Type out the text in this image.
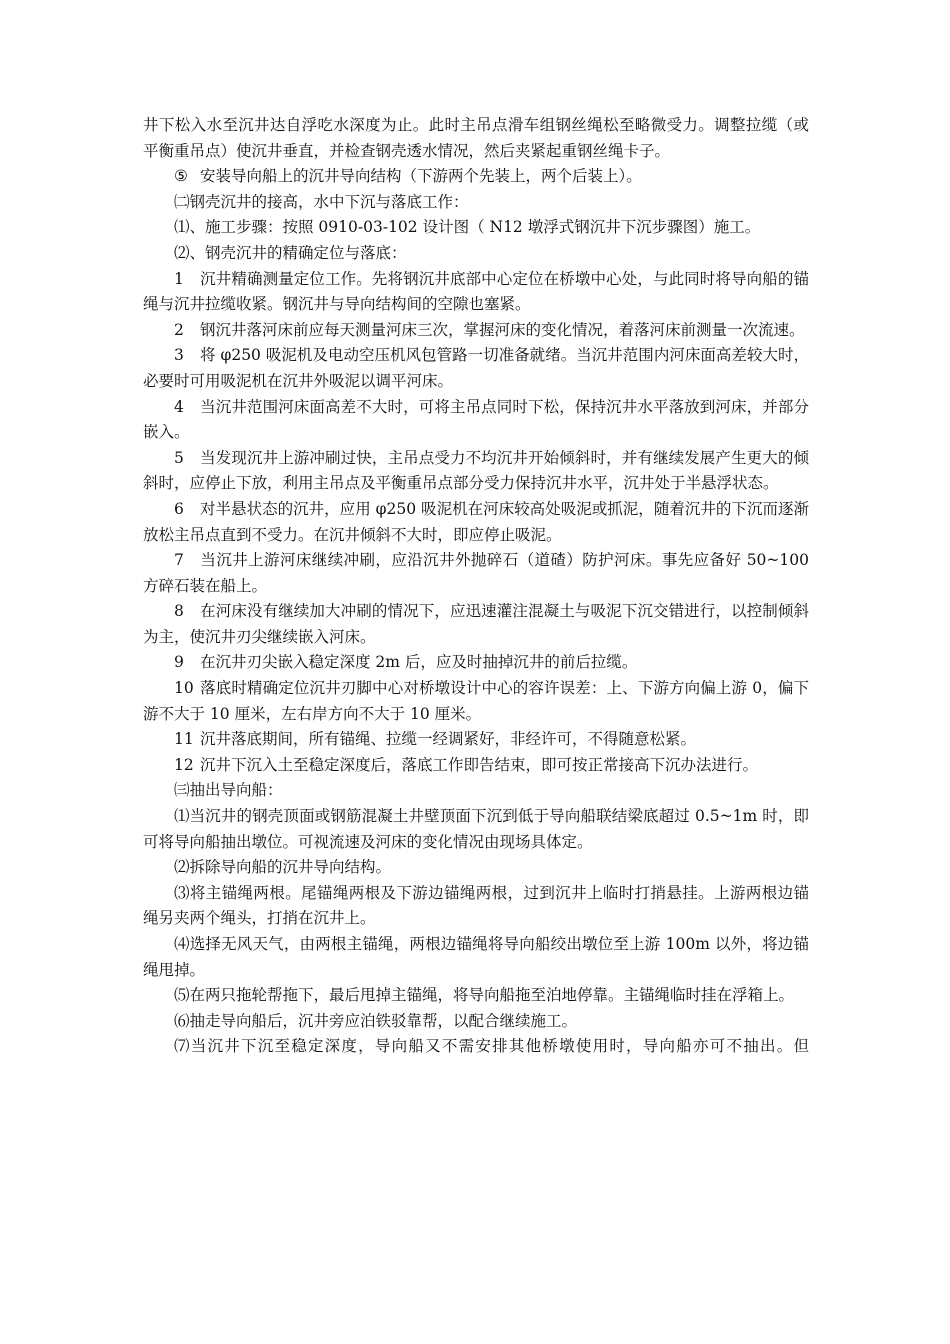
井下松入水至沉井达自浮吃水深度为止。此时主吊点滑车组钢丝绳松至略微受力。调整拉缆（或平衡重吊点）使沉井垂直，并检查钢壳透水情况，然后夹紧起重钢丝绳卡子。

⑤ 安装导向船上的沉井导向结构（下游两个先装上，两个后装上）。

㈡钢壳沉井的接高，水中下沉与落底工作：

⑴、施工步骤：按照 0910-03-102 设计图（ N12 墩浮式钢沉井下沉步骤图）施工。

⑵、钢壳沉井的精确定位与落底：

1 沉井精确测量定位工作。先将钢沉井底部中心定位在桥墩中心处，与此同时将导向船的锚绳与沉井拉缆收紧。钢沉井与导向结构间的空隙也塞紧。

2 钢沉井落河床前应每天测量河床三次，掌握河床的变化情况，着落河床前测量一次流速。

3 将 φ250 吸泥机及电动空压机风包管路一切准备就绪。当沉井范围内河床面高差较大时，必要时可用吸泥机在沉井外吸泥以调平河床。

4 当沉井范围河床面高差不大时，可将主吊点同时下松，保持沉井水平落放到河床，并部分嵌入。

5 当发现沉井上游冲刷过快，主吊点受力不均沉井开始倾斜时，并有继续发展产生更大的倾斜时，应停止下放，利用主吊点及平衡重吊点部分受力保持沉井水平，沉井处于半悬浮状态。

6 对半悬状态的沉井，应用 φ250 吸泥机在河床较高处吸泥或抓泥，随着沉井的下沉而逐渐放松主吊点直到不受力。在沉井倾斜不大时，即应停止吸泥。

7 当沉井上游河床继续冲刷，应沿沉井外抛碎石（道碴）防护河床。事先应备好 50~100 方碎石装在船上。

8 在河床没有继续加大冲刷的情况下，应迅速灌注混凝土与吸泥下沉交错进行，以控制倾斜为主，使沉井刃尖继续嵌入河床。

9 在沉井刃尖嵌入稳定深度 2m 后，应及时抽掉沉井的前后拉缆。

10 落底时精确定位沉井刃脚中心对桥墩设计中心的容许误差：上、下游方向偏上游 0，偏下游不大于 10 厘米，左右岸方向不大于 10 厘米。

11 沉井落底期间，所有锚绳、拉缆一经调紧好，非经许可，不得随意松紧。

12 沉井下沉入土至稳定深度后，落底工作即告结束，即可按正常接高下沉办法进行。

㈢抽出导向船：

⑴当沉井的钢壳顶面或钢筋混凝土井壁顶面下沉到低于导向船联结梁底超过 0.5~1m 时，即可将导向船抽出墩位。可视流速及河床的变化情况由现场具体定。

⑵拆除导向船的沉井导向结构。

⑶将主锚绳两根。尾锚绳两根及下游边锚绳两根，过到沉井上临时打捎悬挂。上游两根边锚绳另夹两个绳头，打捎在沉井上。

⑷选择无风天气，由两根主锚绳，两根边锚绳将导向船绞出墩位至上游 100m 以外，将边锚绳甩掉。

⑸在两只拖轮帮拖下，最后甩掉主锚绳，将导向船拖至泊地停靠。主锚绳临时挂在浮箱上。

⑹抽走导向船后，沉井旁应泊铁驳靠帮，以配合继续施工。

⑺当沉井下沉至稳定深度，导向船又不需安排其他桥墩使用时，导向船亦可不抽出。但
